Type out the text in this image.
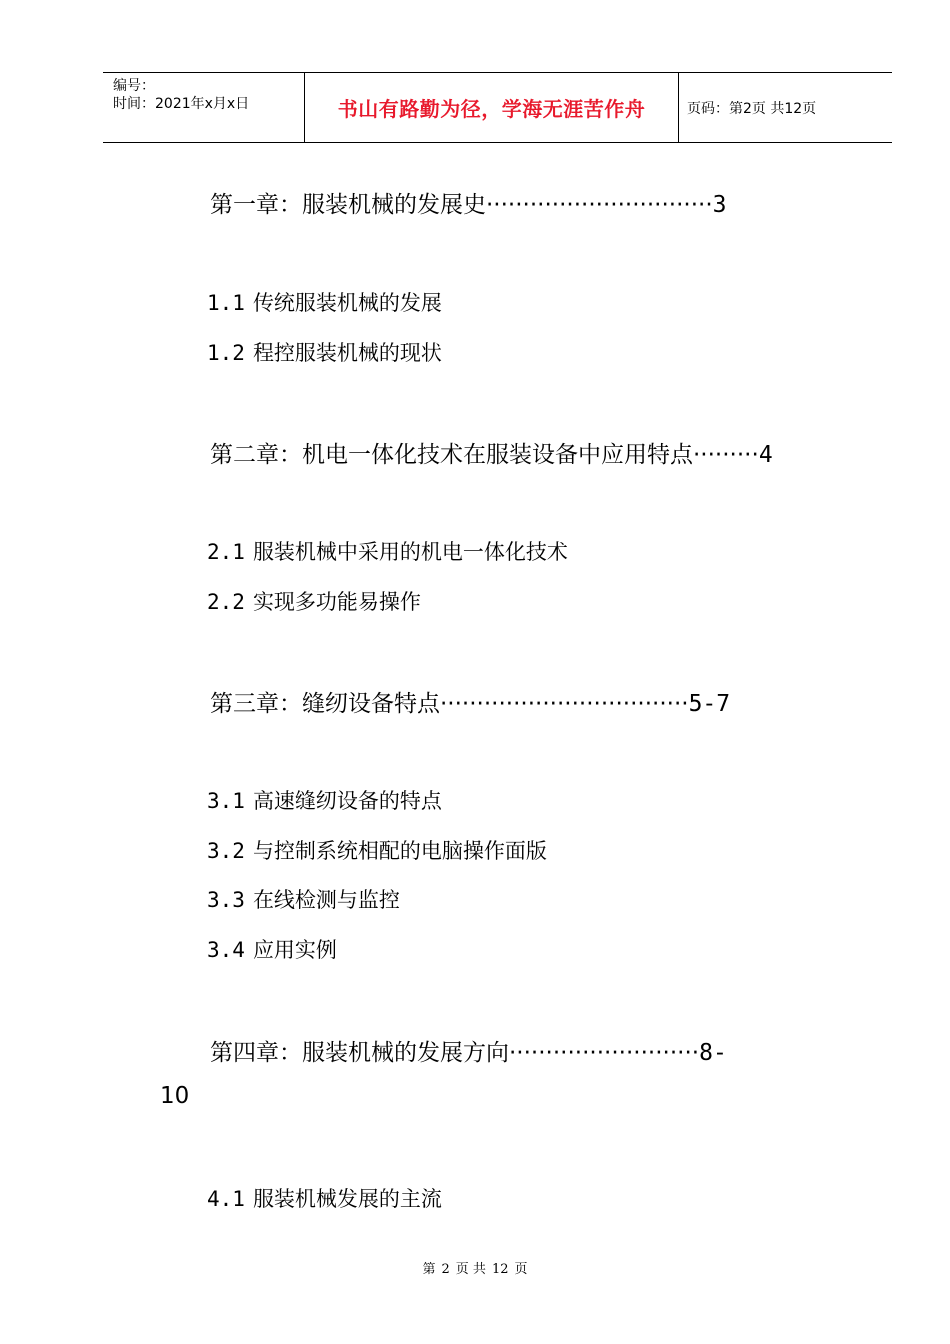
编号：
时间：2021年x月x日	书山有路勤为径，学海无涯苦作舟	页码：第2页 共12页
第一章：服装机械的发展史·······························3
1.1 传统服装机械的发展
1.2 程控服装机械的现状
第二章：机电一体化技术在服装设备中应用特点·········4
2.1 服装机械中采用的机电一体化技术
2.2 实现多功能易操作
第三章：缝纫设备特点··································5-7
3.1 高速缝纫设备的特点
3.2 与控制系统相配的电脑操作面版
3.3 在线检测与监控
3.4 应用实例
第四章：服装机械的发展方向··························8-
10
4.1 服装机械发展的主流
第 2 页 共 12 页
